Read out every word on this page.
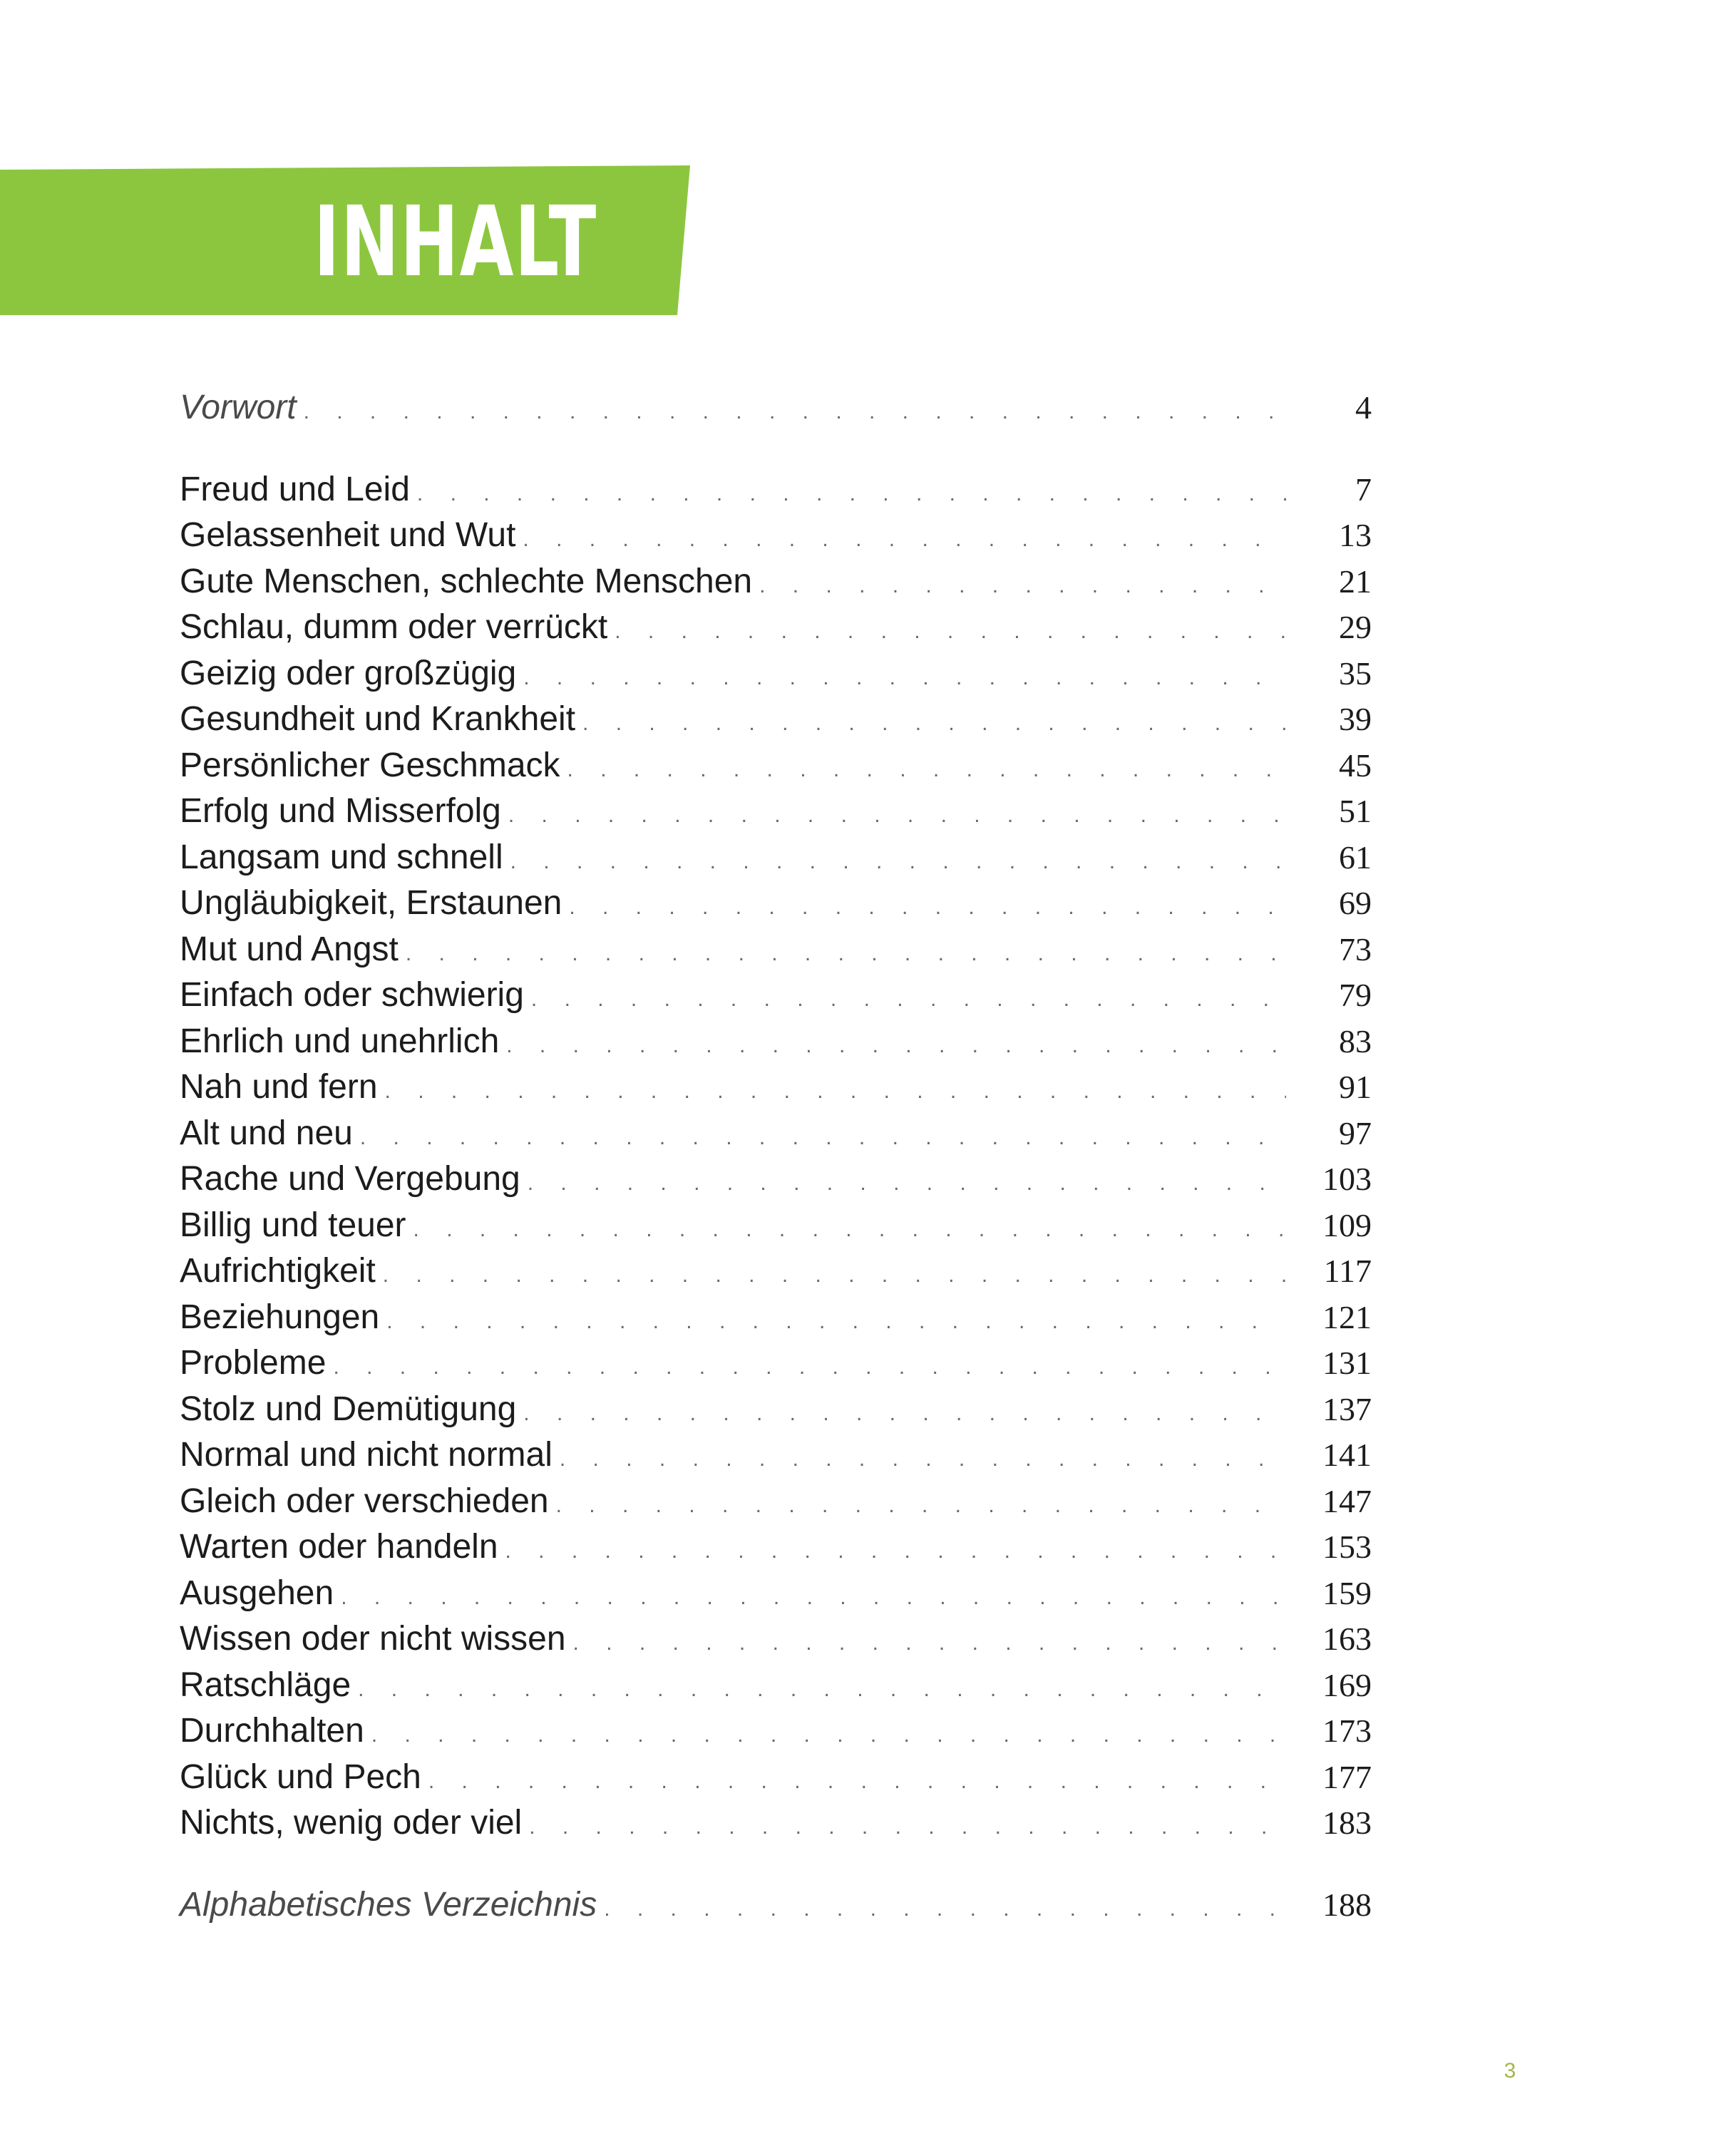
INHALT
Vorwort . . .	4
Freud und Leid . . .	7
Gelassenheit und Wut . . .	13
Gute Menschen, schlechte Menschen . . .	21
Schlau, dumm oder verrückt . . .	29
Geizig oder großzügig . . .	35
Gesundheit und Krankheit . . .	39
Persönlicher Geschmack . . .	45
Erfolg und Misserfolg . . .	51
Langsam und schnell . . .	61
Ungläubigkeit, Erstaunen . . .	69
Mut und Angst . . .	73
Einfach oder schwierig . . .	79
Ehrlich und unehrlich . . .	83
Nah und fern . . .	91
Alt und neu . . .	97
Rache und Vergebung . . .	103
Billig und teuer . . .	109
Aufrichtigkeit . . .	117
Beziehungen . . .	121
Probleme . . .	131
Stolz und Demütigung . . .	137
Normal und nicht normal . . .	141
Gleich oder verschieden . . .	147
Warten oder handeln . . .	153
Ausgehen . . .	159
Wissen oder nicht wissen . . .	163
Ratschläge . . .	169
Durchhalten . . .	173
Glück und Pech . . .	177
Nichts, wenig oder viel . . .	183
Alphabetisches Verzeichnis . . .	188
3
